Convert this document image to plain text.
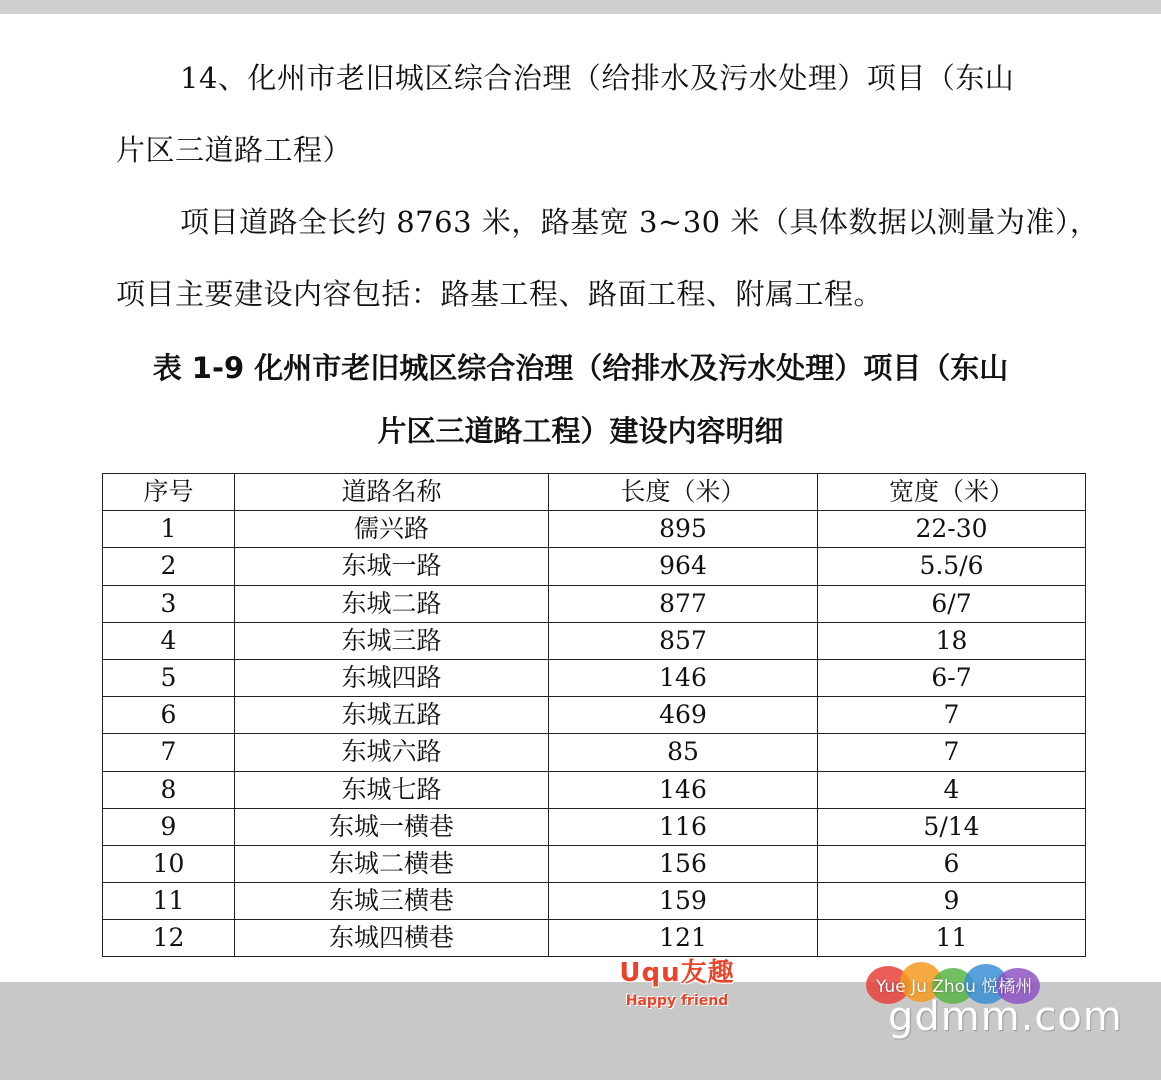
14、化州市老旧城区综合治理（给排水及污水处理）项目（东山
片区三道路工程）
项目道路全长约 8763 米，路基宽 3~30 米（具体数据以测量为准），
项目主要建设内容包括：路基工程、路面工程、附属工程。
表 1-9 化州市老旧城区综合治理（给排水及污水处理）项目（东山
片区三道路工程）建设内容明细
序号	道路名称	长度（米）	宽度（米）
1	儒兴路	895	22-30
2	东城一路	964	5.5/6
3	东城二路	877	6/7
4	东城三路	857	18
5	东城四路	146	6-7
6	东城五路	469	7
7	东城六路	85	7
8	东城七路	146	4
9	东城一横巷	116	5/14
10	东城二横巷	156	6
11	东城三横巷	159	9
12	东城四横巷	121	11
Uqu友趣
Happy friend
Yue Ju Zhou 悦橘州
gdmm.com
